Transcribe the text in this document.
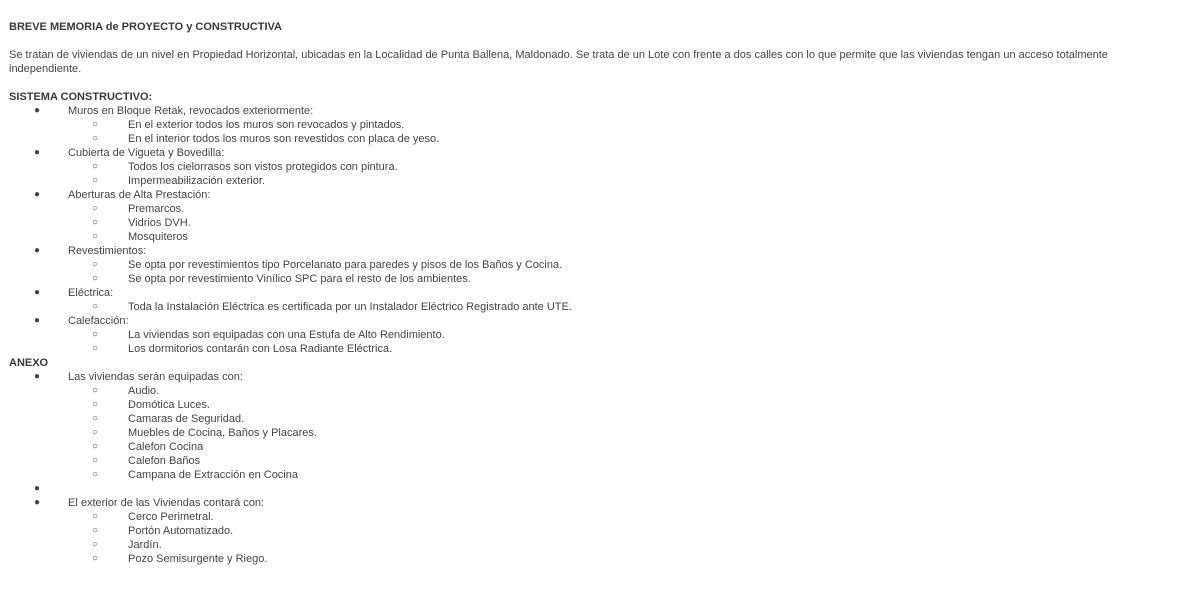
BREVE MEMORIA de PROYECTO y CONSTRUCTIVA
Se tratan de viviendas de un nivel en Propiedad Horizontal, ubicadas en la Localidad de Punta Ballena, Maldonado. Se trata de un Lote con frente a dos calles con lo que permite que las viviendas tengan un acceso totalmente independiente.
SISTEMA CONSTRUCTIVO:
●	Muros en Bloque Retak, revocados exteriormente:
○	En el exterior todos los muros son revocados y pintados.
○	En el interior todos los muros son revestidos con placa de yeso.
●	Cubierta de Vigueta y Bovedilla:
○	Todos los cielorrasos son vistos protegidos con pintura.
○	Impermeabilización exterior.
●	Aberturas de Alta Prestación:
○	Premarcos.
○	Vidrios DVH.
○	Mosquiteros
●	Revestimientos:
○	Se opta por revestimientos tipo Porcelanato para paredes y pisos de los Baños y Cocina.
○	Se opta por revestimiento Vinílico SPC para el resto de los ambientes.
●	Eléctrica:
○	Toda la Instalación Eléctrica es certificada por un Instalador Eléctrico Registrado ante UTE.
●	Calefacción:
○	La viviendas son equipadas con una Estufa de Alto Rendimiento.
○	Los dormitorios contarán con Losa Radiante Eléctrica.
ANEXO
●	Las viviendas serán equipadas con:
○	Audio.
○	Domótica Luces.
○	Camaras de Seguridad.
○	Muebles de Cocina, Baños y Placares.
○	Calefon Cocina
○	Calefon Baños
○	Campana de Extracción en Cocina
●
●	El exterior de las Viviendas contará con:
○	Cerco Perimetral.
○	Portón Automatizado.
○	Jardín.
○	Pozo Semisurgente y Riego.
